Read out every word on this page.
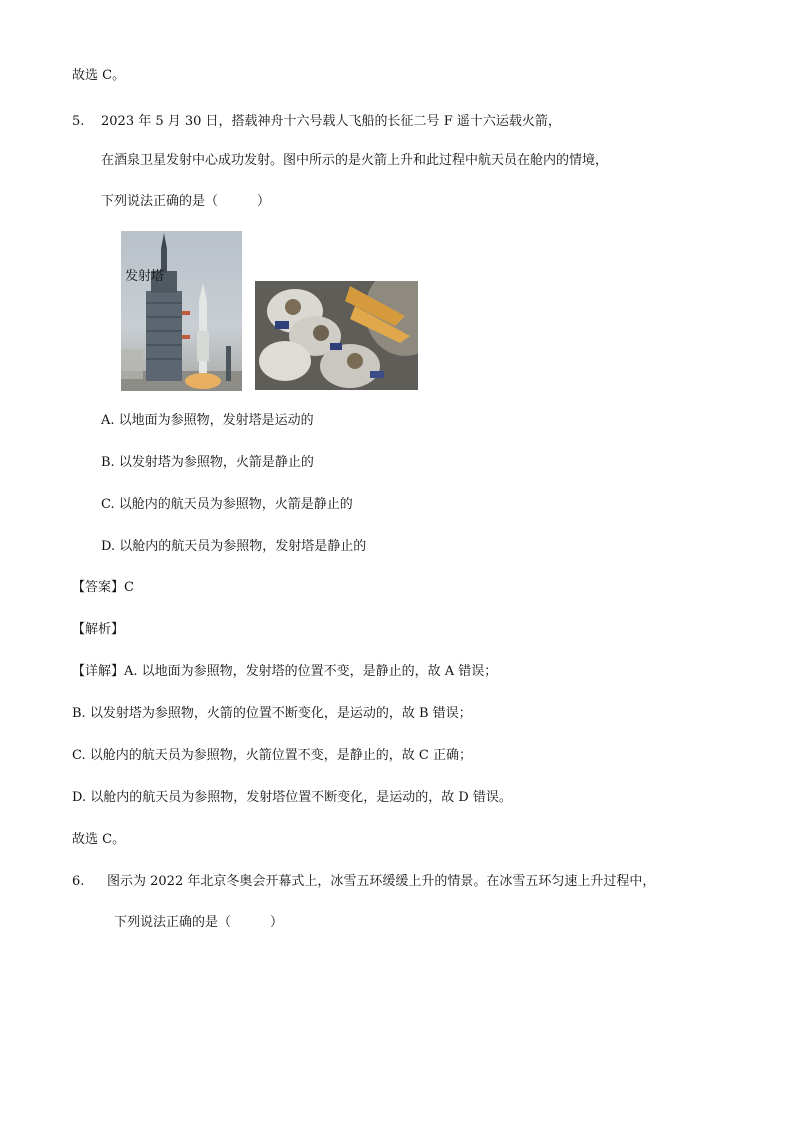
故选 C。
5. 2023 年 5 月 30 日，搭载神舟十六号载人飞船的长征二号 F 遥十六运载火箭，
在酒泉卫星发射中心成功发射。图中所示的是火箭上升和此过程中航天员在舱内的情境，
下列说法正确的是（　　　）
发射塔
A. 以地面为参照物，发射塔是运动的
B. 以发射塔为参照物，火箭是静止的
C. 以舱内的航天员为参照物，火箭是静止的
D. 以舱内的航天员为参照物，发射塔是静止的
【答案】C
【解析】
【详解】A. 以地面为参照物，发射塔的位置不变，是静止的，故 A 错误；
B. 以发射塔为参照物，火箭的位置不断变化，是运动的，故 B 错误；
C. 以舱内的航天员为参照物，火箭位置不变，是静止的，故 C 正确；
D. 以舱内的航天员为参照物，发射塔位置不断变化，是运动的，故 D 错误。
故选 C。
6. 图示为 2022 年北京冬奥会开幕式上，冰雪五环缓缓上升的情景。在冰雪五环匀速上升过程中，
下列说法正确的是（　　　）
